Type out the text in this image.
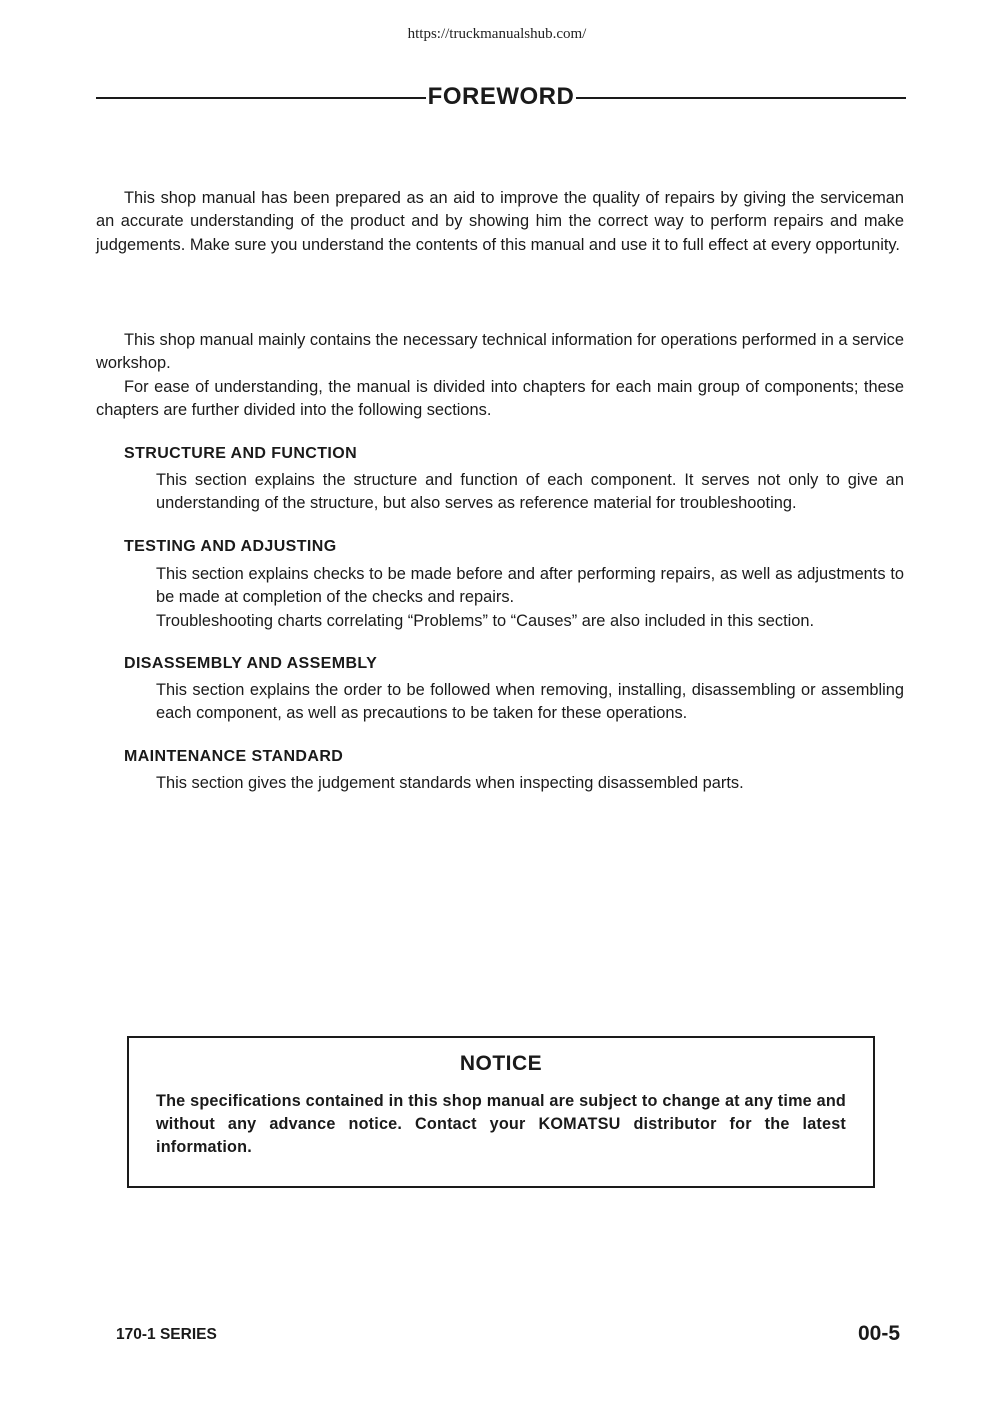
https://truckmanualshub.com/
FOREWORD

This shop manual has been prepared as an aid to improve the quality of repairs by giving the serviceman an accurate understanding of the product and by showing him the correct way to perform repairs and make judgements. Make sure you understand the contents of this manual and use it to full effect at every opportunity.

This shop manual mainly contains the necessary technical information for operations performed in a service workshop.

For ease of understanding, the manual is divided into chapters for each main group of components; these chapters are further divided into the following sections.

STRUCTURE AND FUNCTION

This section explains the structure and function of each component. It serves not only to give an understanding of the structure, but also serves as reference material for troubleshooting.

TESTING AND ADJUSTING

This section explains checks to be made before and after performing repairs, as well as adjustments to be made at completion of the checks and repairs.

Troubleshooting charts correlating “Problems” to “Causes” are also included in this section.

DISASSEMBLY AND ASSEMBLY

This section explains the order to be followed when removing, installing, disassembling or assembling each component, as well as precautions to be taken for these operations.

MAINTENANCE STANDARD

This section gives the judgement standards when inspecting disassembled parts.

NOTICE
The specifications contained in this shop manual are subject to change at any time and without any advance notice. Contact your KOMATSU distributor for the latest information.
170-1 SERIES	00-5
